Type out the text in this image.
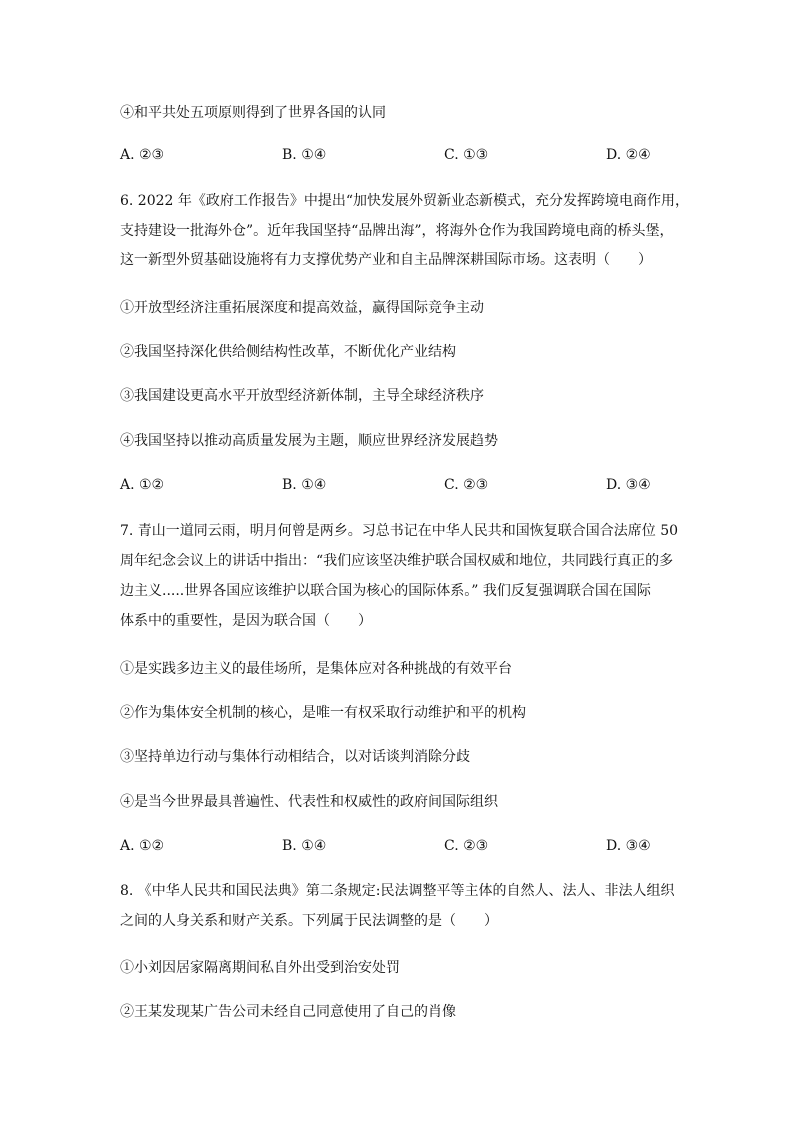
④和平共处五项原则得到了世界各国的认同
A. ②③	B. ①④	C. ①③	D. ②④
6. 2022 年《政府工作报告》中提出“加快发展外贸新业态新模式，充分发挥跨境电商作用，
支持建设一批海外仓”。近年我国坚持“品牌出海”，将海外仓作为我国跨境电商的桥头堡，
这一新型外贸基础设施将有力支撑优势产业和自主品牌深耕国际市场。这表明（　　）
①开放型经济注重拓展深度和提高效益，赢得国际竞争主动
②我国坚持深化供给侧结构性改革，不断优化产业结构
③我国建设更高水平开放型经济新体制，主导全球经济秩序
④我国坚持以推动高质量发展为主题，顺应世界经济发展趋势
A. ①②	B. ①④	C. ②③	D. ③④
7. 青山一道同云雨，明月何曾是两乡。习总书记在中华人民共和国恢复联合国合法席位 50
周年纪念会议上的讲话中指出：“我们应该坚决维护联合国权威和地位，共同践行真正的多
边主义.....世界各国应该维护以联合国为核心的国际体系。” 我们反复强调联合国在国际
体系中的重要性，是因为联合国（　　）
①是实践多边主义的最佳场所，是集体应对各种挑战的有效平台
②作为集体安全机制的核心，是唯一有权采取行动维护和平的机构
③坚持单边行动与集体行动相结合，以对话谈判消除分歧
④是当今世界最具普遍性、代表性和权威性的政府间国际组织
A. ①②	B. ①④	C. ②③	D. ③④
8. 《中华人民共和国民法典》第二条规定:民法调整平等主体的自然人、法人、非法人组织
之间的人身关系和财产关系。下列属于民法调整的是（　　）
①小刘因居家隔离期间私自外出受到治安处罚
②王某发现某广告公司未经自己同意使用了自己的肖像
